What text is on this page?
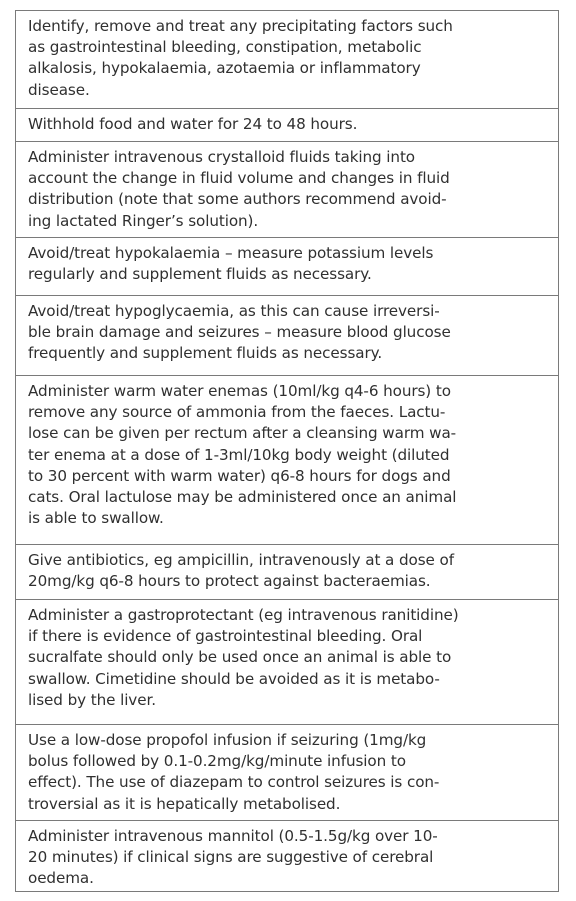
Identify, remove and treat any precipitating factors such
as gastrointestinal bleeding, constipation, metabolic
alkalosis, hypokalaemia, azotaemia or inflammatory
disease.
Withhold food and water for 24 to 48 hours.
Administer intravenous crystalloid fluids taking into
account the change in fluid volume and changes in fluid
distribution (note that some authors recommend avoid-
ing lactated Ringer’s solution).
Avoid/treat hypokalaemia – measure potassium levels
regularly and supplement fluids as necessary.
Avoid/treat hypoglycaemia, as this can cause irreversi-
ble brain damage and seizures – measure blood glucose
frequently and supplement fluids as necessary.
Administer warm water enemas (10ml/kg q4-6 hours) to
remove any source of ammonia from the faeces. Lactu-
lose can be given per rectum after a cleansing warm wa-
ter enema at a dose of 1-3ml/10kg body weight (diluted
to 30 percent with warm water) q6-8 hours for dogs and
cats. Oral lactulose may be administered once an animal
is able to swallow.
Give antibiotics, eg ampicillin, intravenously at a dose of
20mg/kg q6-8 hours to protect against bacteraemias.
Administer a gastroprotectant (eg intravenous ranitidine)
if there is evidence of gastrointestinal bleeding. Oral
sucralfate should only be used once an animal is able to
swallow. Cimetidine should be avoided as it is metabo-
lised by the liver.
Use a low-dose propofol infusion if seizuring (1mg/kg
bolus followed by 0.1-0.2mg/kg/minute infusion to
effect). The use of diazepam to control seizures is con-
troversial as it is hepatically metabolised.
Administer intravenous mannitol (0.5-1.5g/kg over 10-
20 minutes) if clinical signs are suggestive of cerebral
oedema.
